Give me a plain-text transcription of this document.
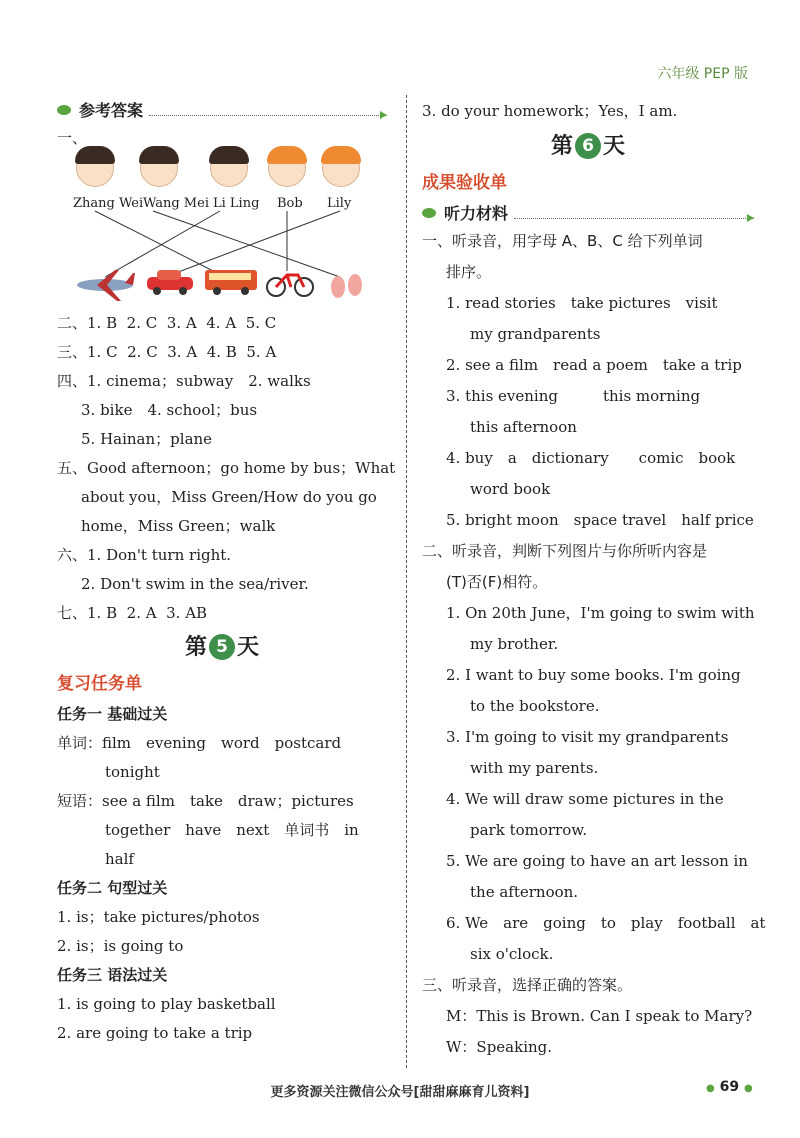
六年级 PEP 版
参考答案
一、
Zhang Wei Wang Mei Li Ling Bob Lily
二、1. B 2. C 3. A 4. A 5. C
三、1. C 2. C 3. A 4. B 5. A
四、1. cinema；subway　2. walks
3. bike　4. school；bus
5. Hainan；plane
五、Good afternoon；go home by bus；What
about you，Miss Green/How do you go
home，Miss Green；walk
六、1. Don't turn right.
2. Don't swim in the sea/river.
七、1. B 2. A 3. AB
第 5 天
复习任务单
任务一 基础过关
单词：film　evening　word　postcard
tonight
短语：see a film　take　draw；pictures
together　have　next　单词书　in
half
任务二 句型过关
1. is；take pictures/photos
2. is；is going to
任务三 语法过关
1. is going to play basketball
2. are going to take a trip
3. do your homework；Yes，I am.
第 6 天
成果验收单
听力材料
一、听录音，用字母 A、B、C 给下列单词
排序。
1. read stories　take pictures　visit
my grandparents
2. see a film　read a poem　take a trip
3. this evening　　　this morning
this afternoon
4. buy　a　dictionary　　comic　book
word book
5. bright moon　space travel　half price
二、听录音，判断下列图片与你所听内容是
(T)否(F)相符。
1. On 20th June，I'm going to swim with
my brother.
2. I want to buy some books. I'm going
to the bookstore.
3. I'm going to visit my grandparents
with my parents.
4. We will draw some pictures in the
park tomorrow.
5. We are going to have an art lesson in
the afternoon.
6. We　are　going　to　play　football　at
six o'clock.
三、听录音，选择正确的答案。
M：This is Brown. Can I speak to Mary?
W：Speaking.
更多资源关注微信公众号[甜甜麻麻育儿资料]	● 69 ●
